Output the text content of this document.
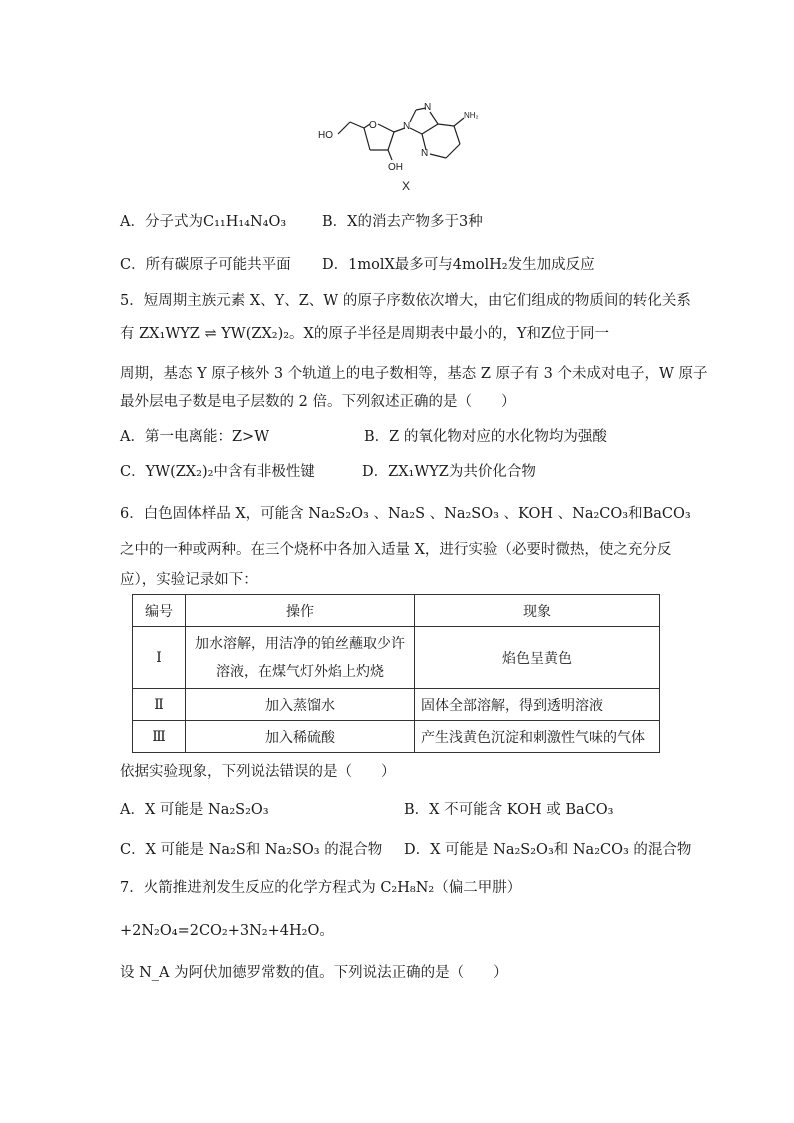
HO
O	N
N
N
NH₂
OH
X
A．分子式为C₁₁H₁₄N₄O₃ B．X的消去产物多于3种
C．所有碳原子可能共平面 D．1molX最多可与4molH₂发生加成反应
5．短周期主族元素 X、Y、Z、W 的原子序数依次增大，由它们组成的物质间的转化关系
有 ZX₁WYZ ⇌ YW(ZX₂)₂。X的原子半径是周期表中最小的，Y和Z位于同一
周期，基态 Y 原子核外 3 个轨道上的电子数相等，基态 Z 原子有 3 个未成对电子，W 原子
最外层电子数是电子层数的 2 倍。下列叙述正确的是（　　）
A．第一电离能：Z>W	B．Z 的氧化物对应的水化物均为强酸
C．YW(ZX₂)₂中含有非极性键	D．ZX₁WYZ为共价化合物
6．白色固体样品 X，可能含 Na₂S₂O₃ 、Na₂S 、Na₂SO₃ 、KOH 、Na₂CO₃和BaCO₃
之中的一种或两种。在三个烧杯中各加入适量 X，进行实验（必要时微热，使之充分反
应），实验记录如下：
编号	操作	现象
Ⅰ	加水溶解，用洁净的铂丝蘸取少许
溶液，在煤气灯外焰上灼烧	焰色呈黄色
Ⅱ	加入蒸馏水	固体全部溶解，得到透明溶液
Ⅲ	加入稀硫酸	产生浅黄色沉淀和刺激性气味的气体
依据实验现象，下列说法错误的是（　　）
A．X 可能是 Na₂S₂O₃	B．X 不可能含 KOH 或 BaCO₃
C．X 可能是 Na₂S和 Na₂SO₃ 的混合物 D．X 可能是 Na₂S₂O₃和 Na₂CO₃ 的混合物
7．火箭推进剂发生反应的化学方程式为 C₂H₈N₂（偏二甲肼）
+2N₂O₄=2CO₂+3N₂+4H₂O。
设 N_A 为阿伏加德罗常数的值。下列说法正确的是（　　）
